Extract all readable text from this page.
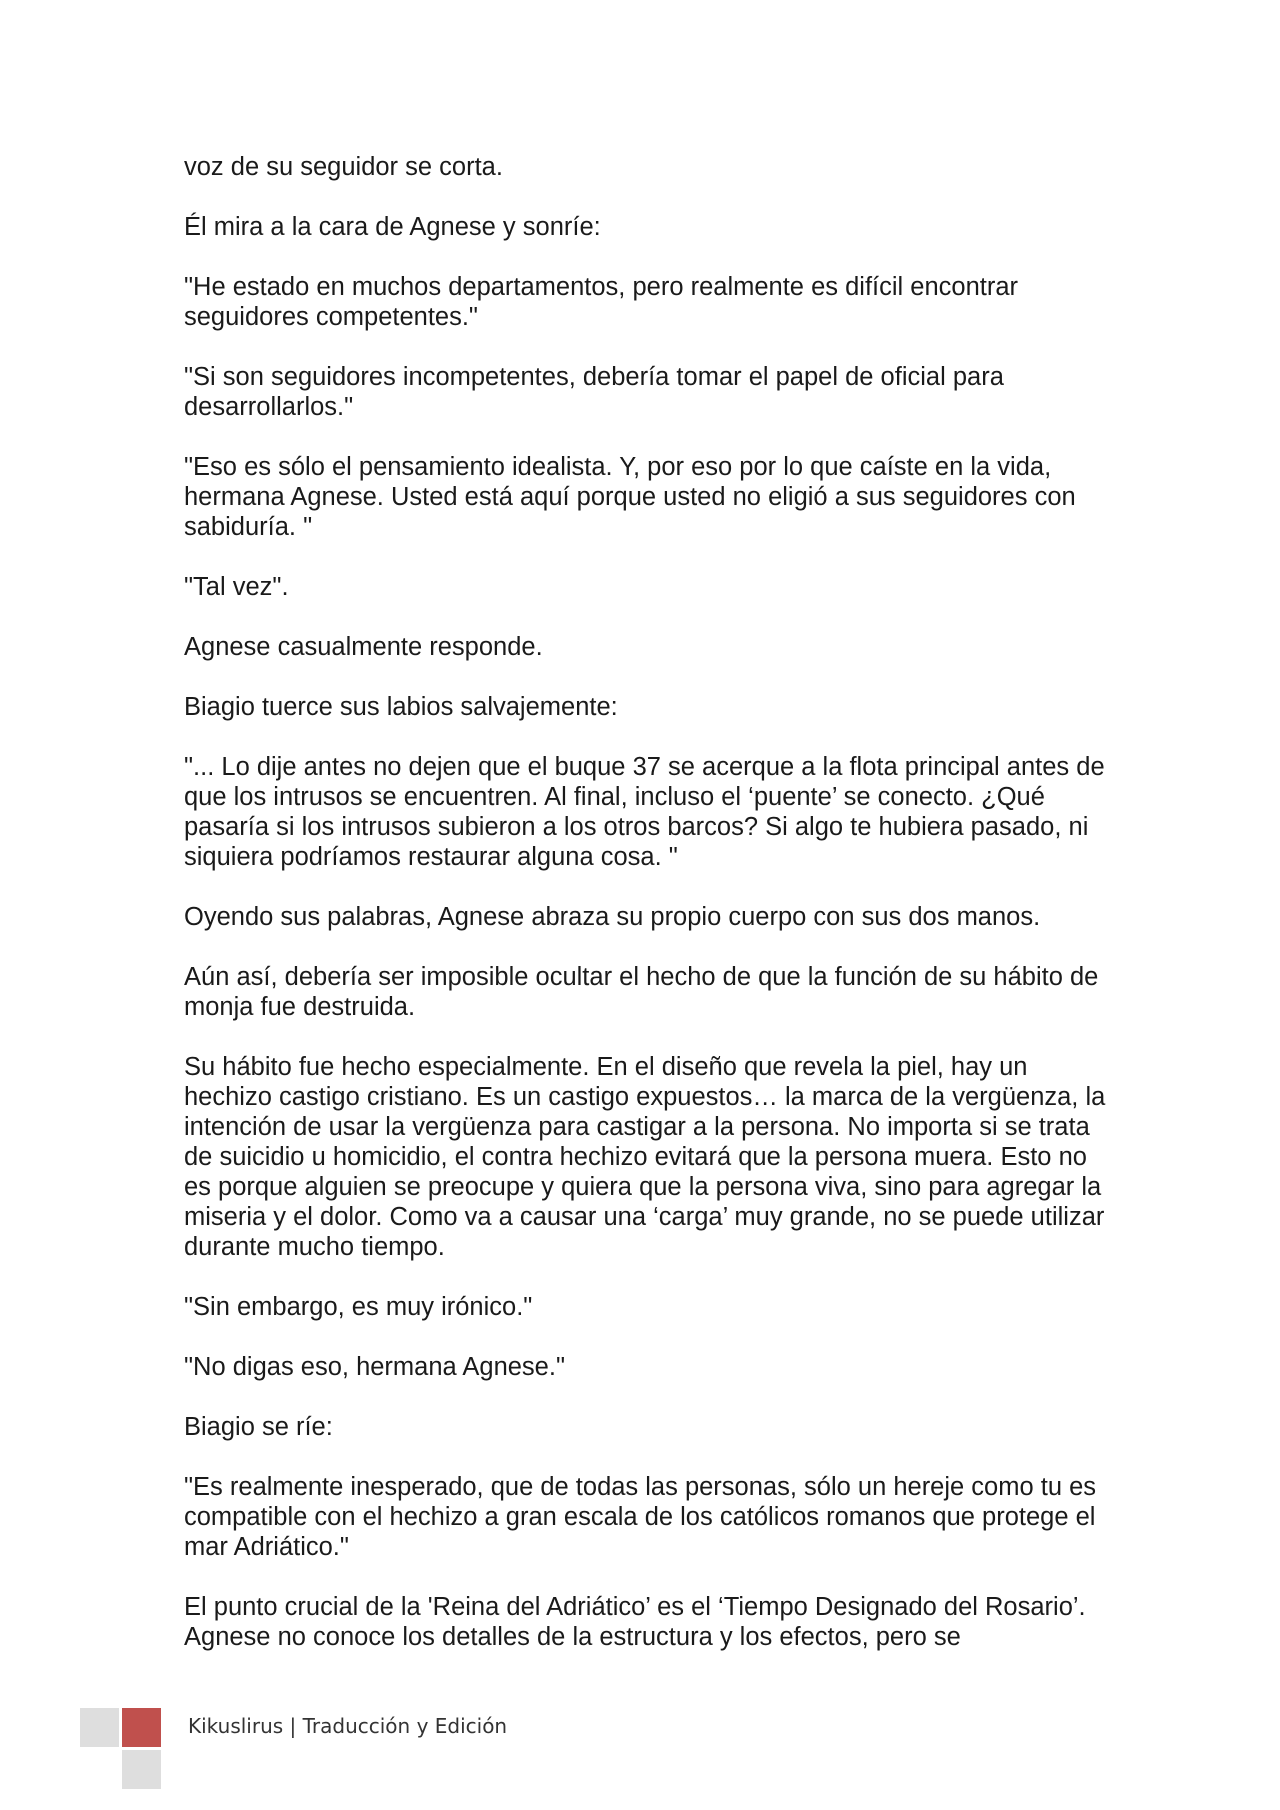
voz de su seguidor se corta.

Él mira a la cara de Agnese y sonríe:

"He estado en muchos departamentos, pero realmente es difícil encontrar seguidores competentes."

"Si son seguidores incompetentes, debería tomar el papel de oficial para desarrollarlos."

"Eso es sólo el pensamiento idealista. Y, por eso por lo que caíste en la vida, hermana Agnese. Usted está aquí porque usted no eligió a sus seguidores con sabiduría. "

"Tal vez".

Agnese casualmente responde.

Biagio tuerce sus labios salvajemente:

"... Lo dije antes no dejen que el buque 37 se acerque a la flota principal antes de que los intrusos se encuentren. Al final, incluso el ‘puente’ se conecto. ¿Qué pasaría si los intrusos subieron a los otros barcos? Si algo te hubiera pasado, ni siquiera podríamos restaurar alguna cosa. "

Oyendo sus palabras, Agnese abraza su propio cuerpo con sus dos manos.

Aún así, debería ser imposible ocultar el hecho de que la función de su hábito de monja fue destruida.

Su hábito fue hecho especialmente. En el diseño que revela la piel, hay un hechizo castigo cristiano. Es un castigo expuestos… la marca de la vergüenza, la intención de usar la vergüenza para castigar a la persona. No importa si se trata de suicidio u homicidio, el contra hechizo evitará que la persona muera. Esto no es porque alguien se preocupe y quiera que la persona viva, sino para agregar la miseria y el dolor. Como va a causar una ‘carga’ muy grande, no se puede utilizar durante mucho tiempo.

"Sin embargo, es muy irónico."

"No digas eso, hermana Agnese."

Biagio se ríe:

"Es realmente inesperado, que de todas las personas, sólo un hereje como tu es compatible con el hechizo a gran escala de los católicos romanos que protege el mar Adriático."

El punto crucial de la 'Reina del Adriático’ es el ‘Tiempo Designado del Rosario’. Agnese no conoce los detalles de la estructura y los efectos, pero se

Kikuslirus | Traducción y Edición
